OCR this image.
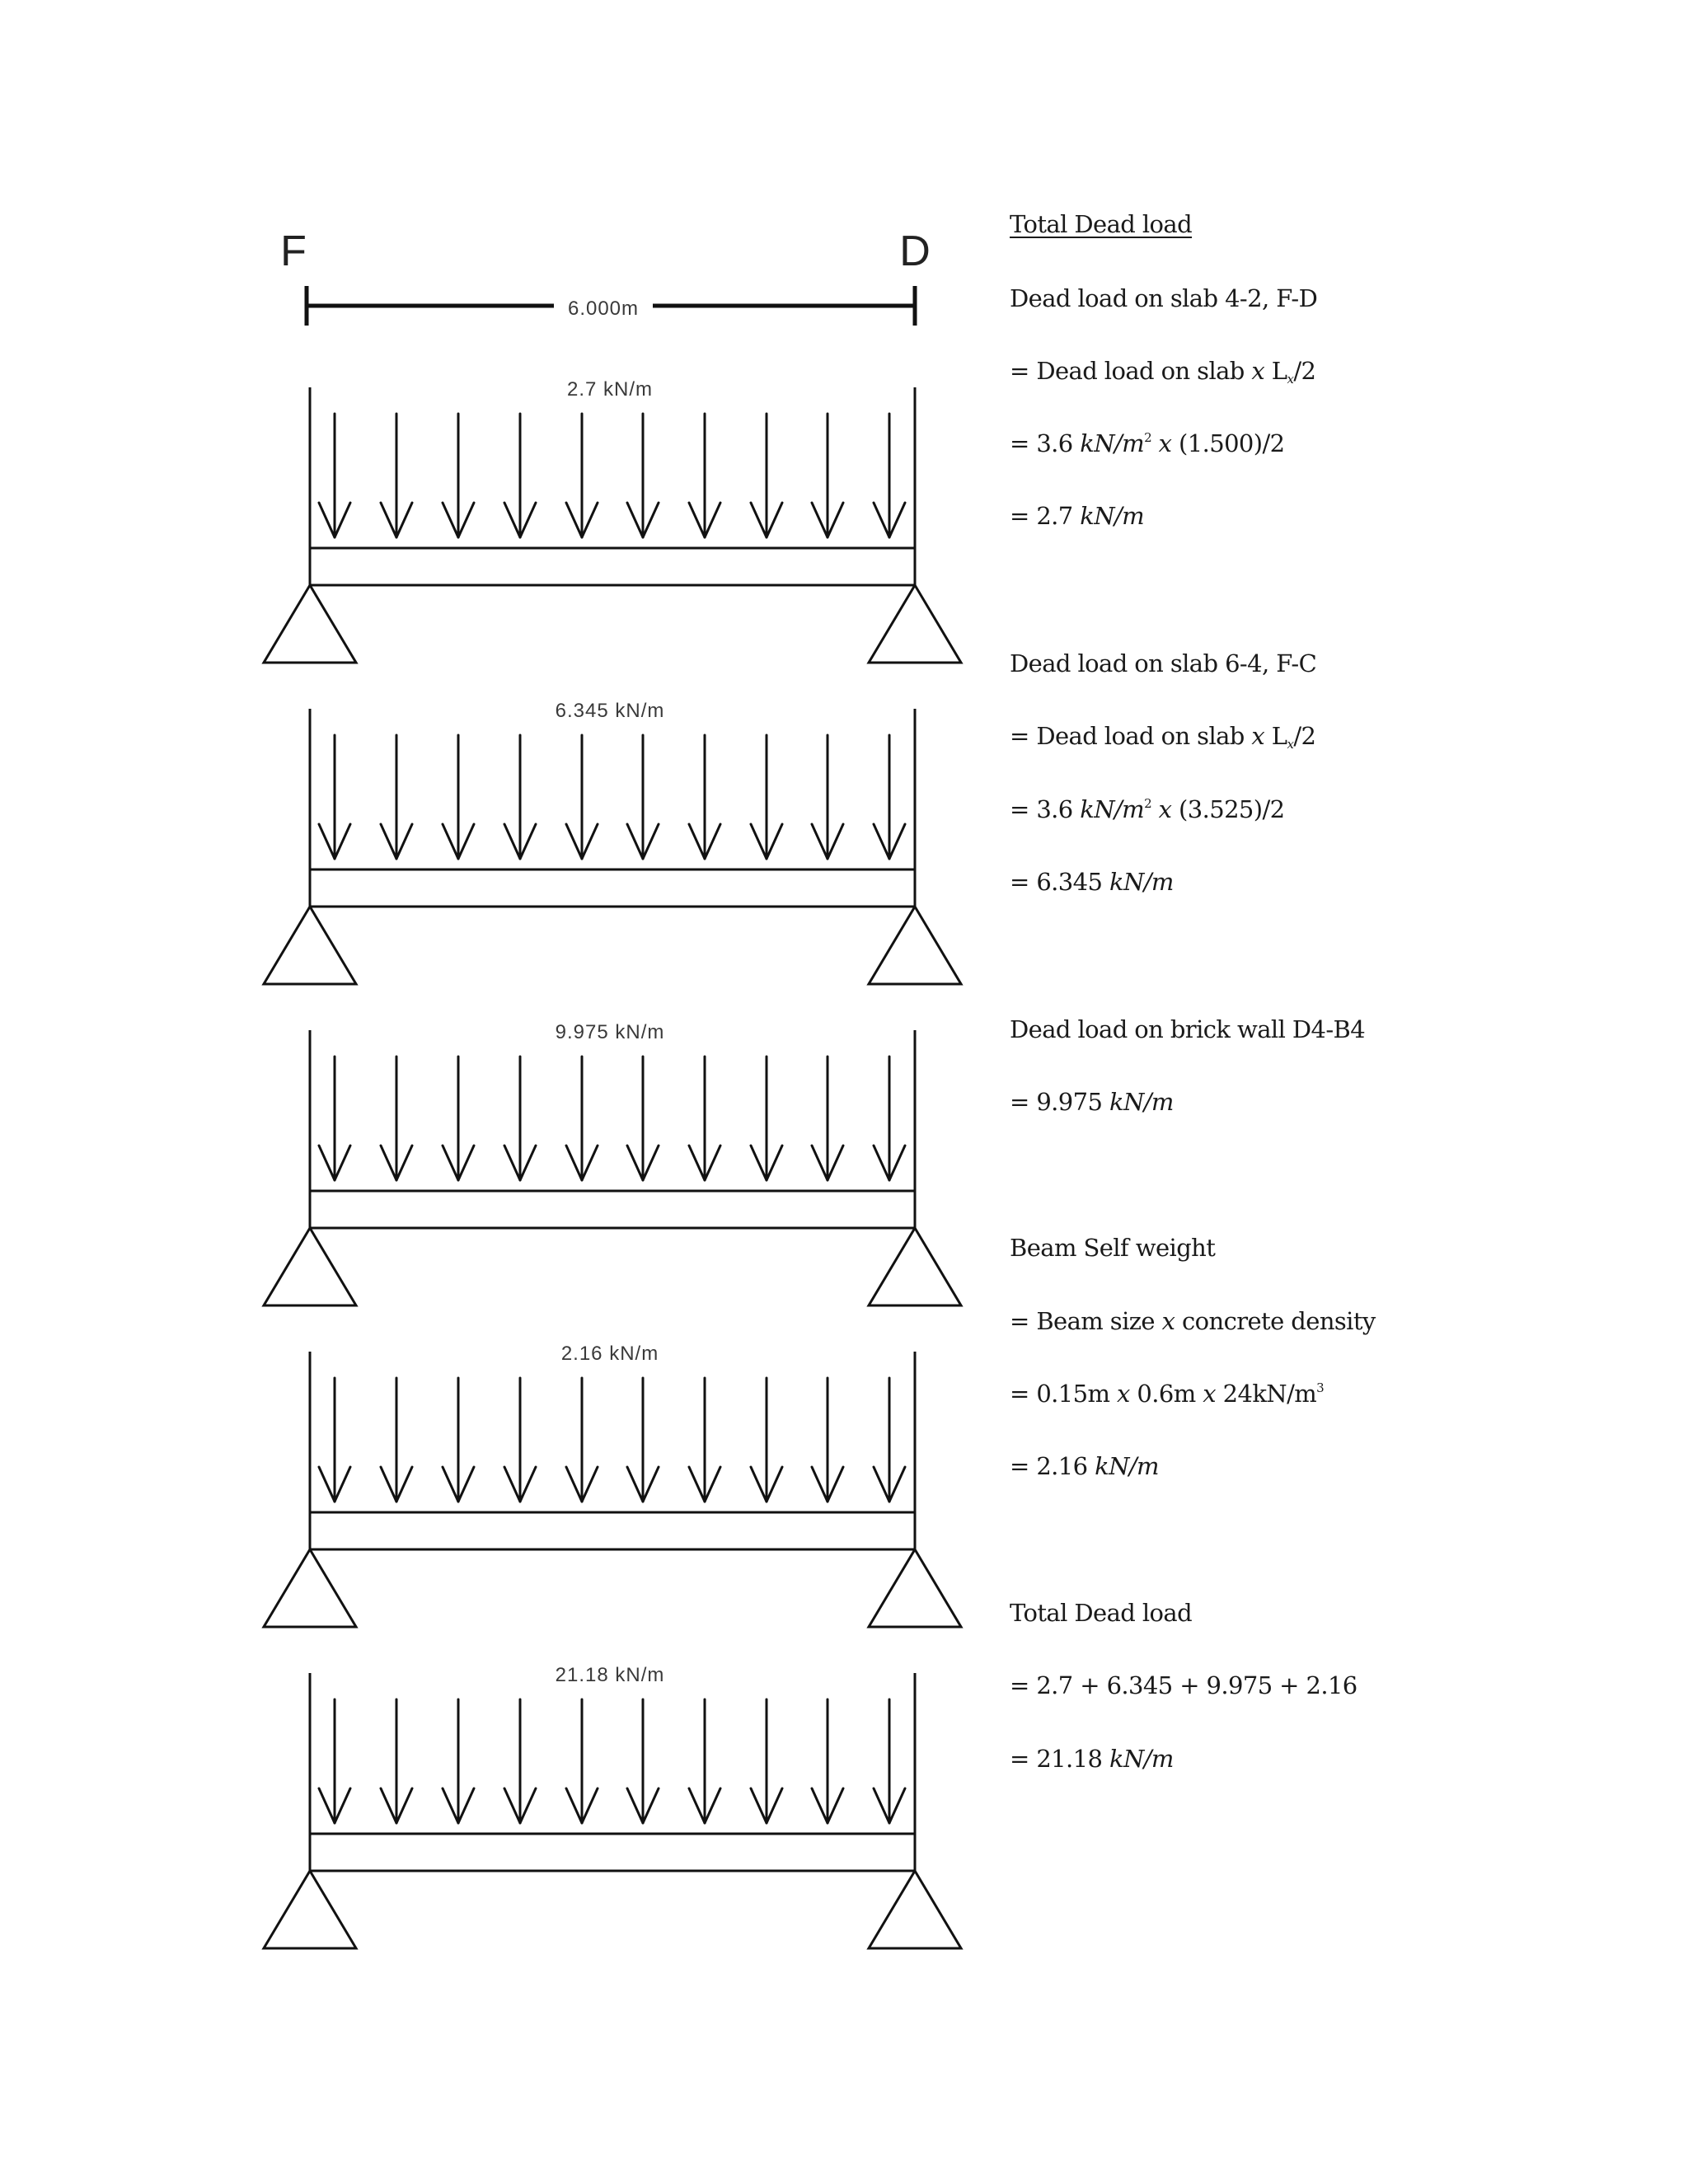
F	D
6.000m
2.7 kN/m
6.345 kN/m
9.975 kN/m
2.16 kN/m
21.18 kN/m
Total Dead load
Dead load on slab 4-2, F-D
= Dead load on slab x $L_x/2$
= 3.6 $kN/m^2$ x (1.500)/2
= 2.7 kN/m
Dead load on slab 6-4, F-C
= Dead load on slab x $L_x/2$
= 3.6 $kN/m^2$ x (3.525)/2
= 6.345 kN/m
Dead load on brick wall D4-B4
= 9.975 kN/m
Beam Self weight
= Beam size x concrete density
= 0.15m x 0.6m x $24kN/m^3$
= 2.16 kN/m
Total Dead load
= 2.7 + 6.345 + 9.975 + 2.16
= 21.18 kN/m
